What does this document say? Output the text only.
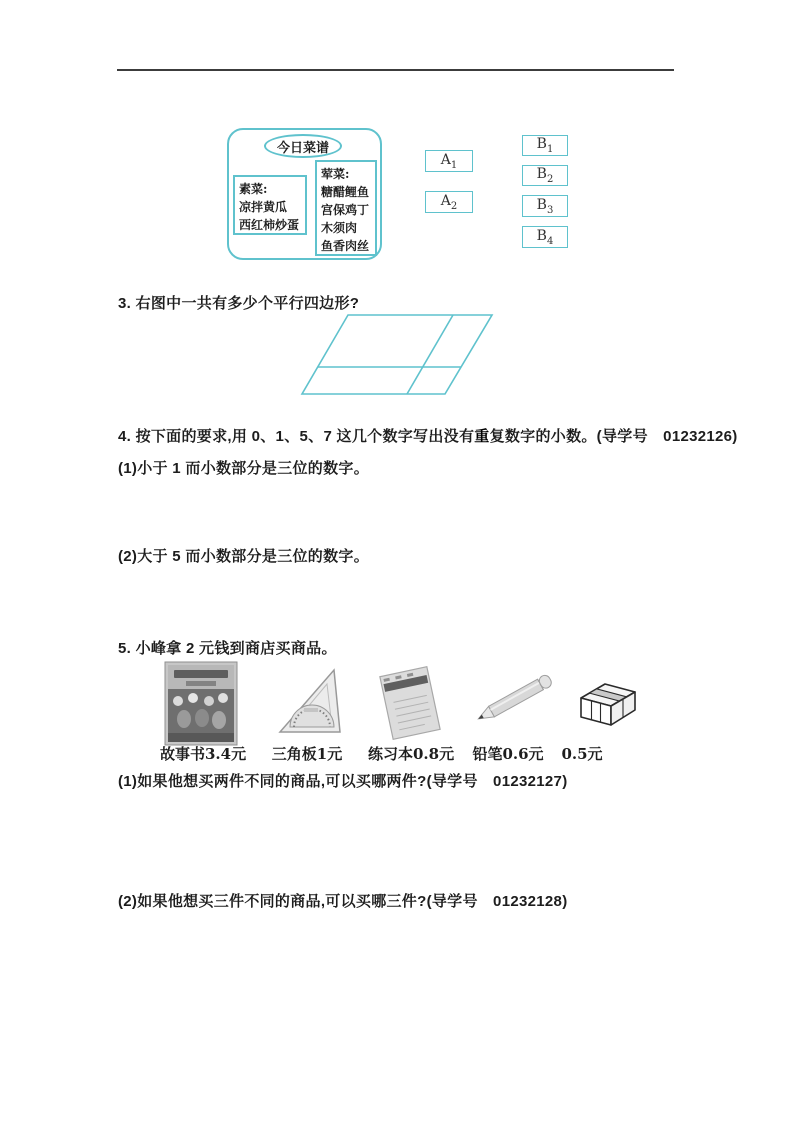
今日菜谱
素菜:
凉拌黄瓜
西红柿炒蛋
荤菜:
糖醋鲤鱼
宫保鸡丁
木须肉
鱼香肉丝
$A_1$
$A_2$
$B_1$
$B_2$
$B_3$
$B_4$
3. 右图中一共有多少个平行四边形?
4. 按下面的要求,用 0、1、5、7 这几个数字写出没有重复数字的小数。(导学号　01232126)
(1)小于 1 而小数部分是三位的数字。
(2)大于 5 而小数部分是三位的数字。
5. 小峰拿 2 元钱到商店买商品。
故事书3.4元 三角板1元 练习本0.8元 铅笔0.6元	0.5元
(1)如果他想买两件不同的商品,可以买哪两件?(导学号　01232127)
(2)如果他想买三件不同的商品,可以买哪三件?(导学号　01232128)
